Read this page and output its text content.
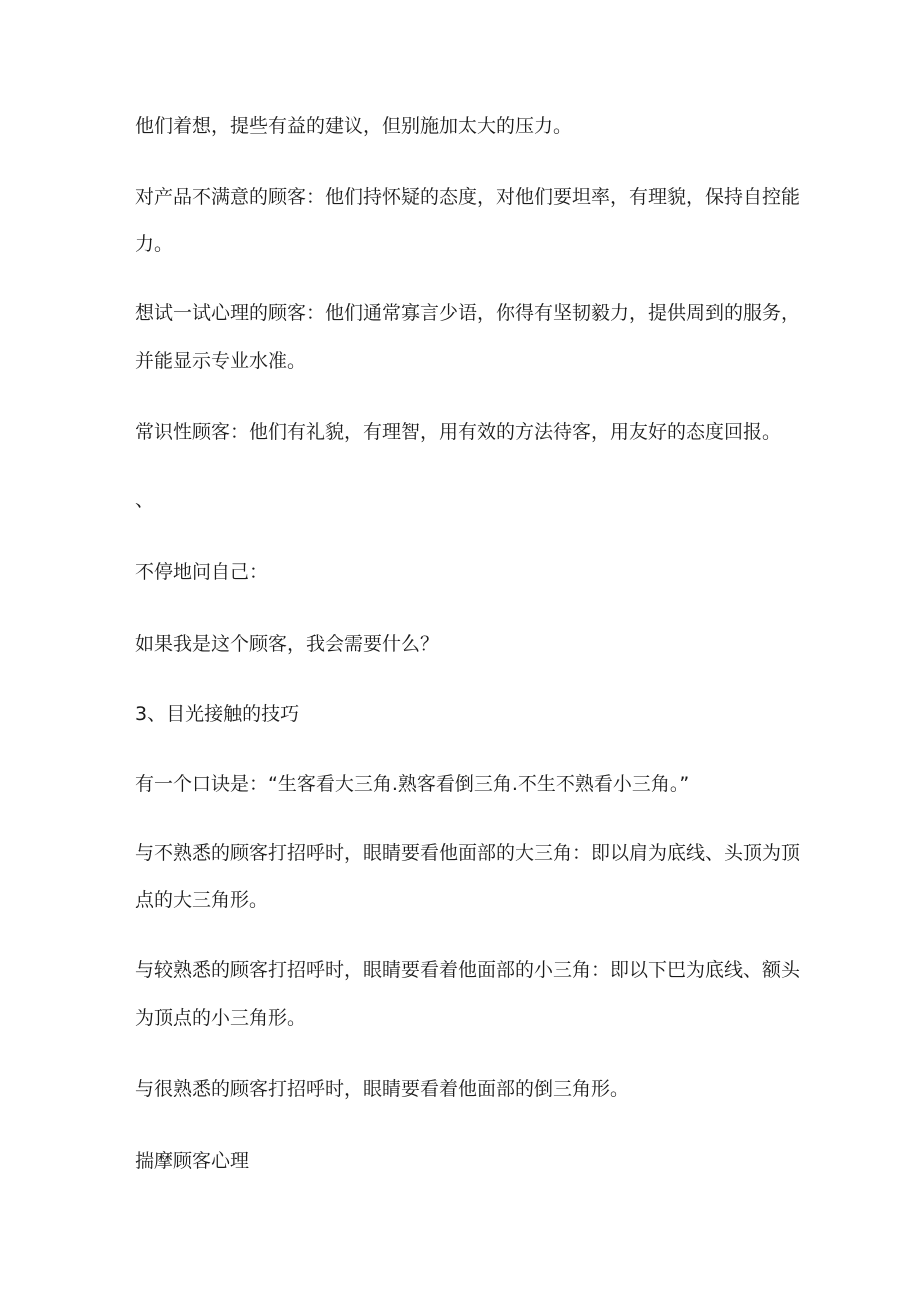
他们着想，提些有益的建议，但别施加太大的压力。

对产品不满意的顾客：他们持怀疑的态度，对他们要坦率，有理貌，保持自控能

力。

想试一试心理的顾客：他们通常寡言少语，你得有坚韧毅力，提供周到的服务，

并能显示专业水准。

常识性顾客：他们有礼貌，有理智，用有效的方法待客，用友好的态度回报。

、

不停地问自己：

如果我是这个顾客，我会需要什么？

3、目光接触的技巧

有一个口诀是：“生客看大三角.熟客看倒三角.不生不熟看小三角。”

与不熟悉的顾客打招呼时，眼睛要看他面部的大三角：即以肩为底线、头顶为顶

点的大三角形。

与较熟悉的顾客打招呼时，眼睛要看着他面部的小三角：即以下巴为底线、额头

为顶点的小三角形。

与很熟悉的顾客打招呼时，眼睛要看着他面部的倒三角形。

揣摩顾客心理
